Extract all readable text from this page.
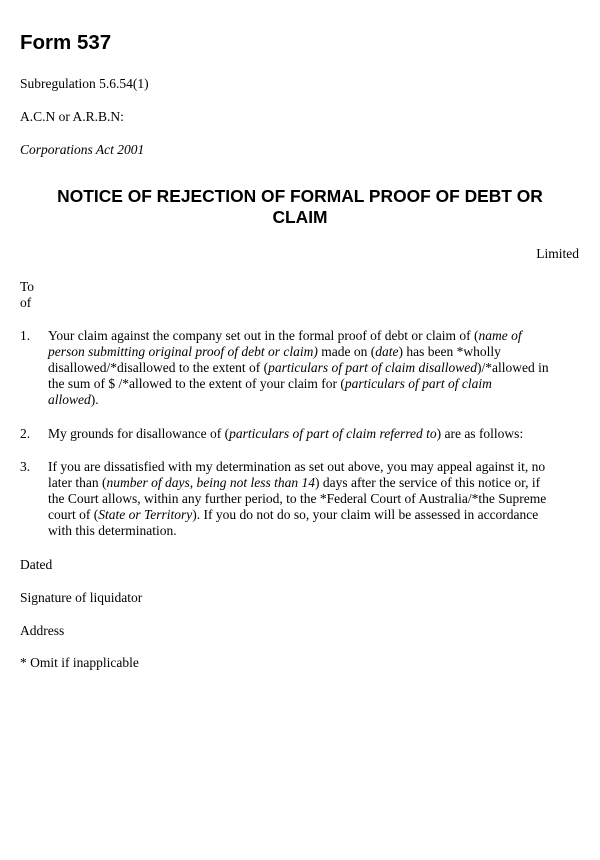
Form 537
Subregulation 5.6.54(1)
A.C.N or A.R.B.N:
Corporations Act 2001
NOTICE OF REJECTION OF FORMAL PROOF OF DEBT OR
CLAIM
Limited
To
of
1. Your claim against the company set out in the formal proof of debt or claim of (name of
person submitting original proof of debt or claim) made on (date) has been *wholly
disallowed/*disallowed to the extent of (particulars of part of claim disallowed)/*allowed in
the sum of $ /*allowed to the extent of your claim for (particulars of part of claim
allowed).
2. My grounds for disallowance of (particulars of part of claim referred to) are as follows:
3. If you are dissatisfied with my determination as set out above, you may appeal against it, no
later than (number of days, being not less than 14) days after the service of this notice or, if
the Court allows, within any further period, to the *Federal Court of Australia/*the Supreme
court of (State or Territory). If you do not do so, your claim will be assessed in accordance
with this determination.
Dated
Signature of liquidator
Address
* Omit if inapplicable
